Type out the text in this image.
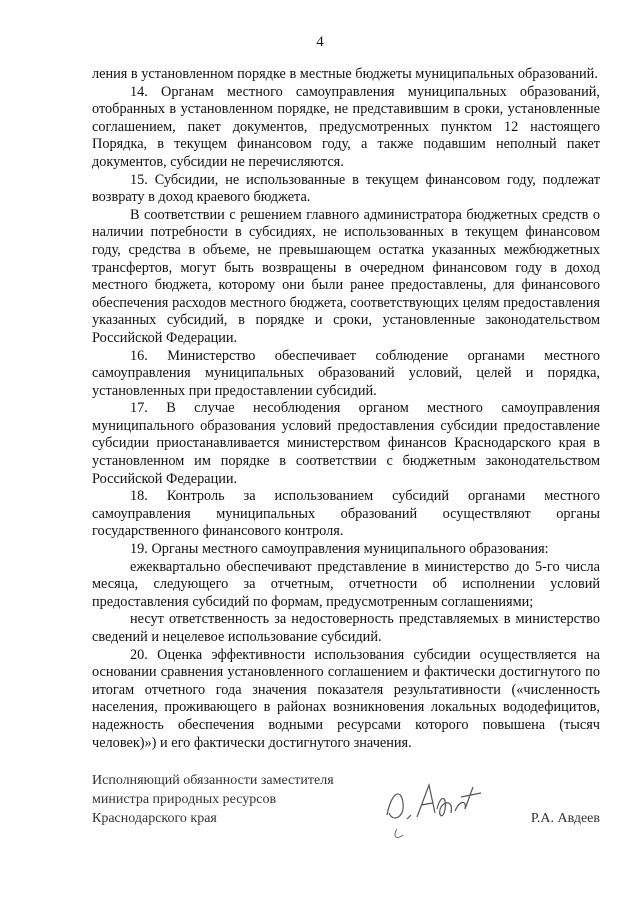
4

ления в установленном порядке в местные бюджеты муниципальных образований.

14. Органам местного самоуправления муниципальных образований, отобранных в установленном порядке, не представившим в сроки, установленные соглашением, пакет документов, предусмотренных пунктом 12 настоящего Порядка, в текущем финансовом году, а также подавшим неполный пакет документов, субсидии не перечисляются.

15. Субсидии, не использованные в текущем финансовом году, подлежат возврату в доход краевого бюджета.

В соответствии с решением главного администратора бюджетных средств о наличии потребности в субсидиях, не использованных в текущем финансовом году, средства в объеме, не превышающем остатка указанных межбюджетных трансфертов, могут быть возвращены в очередном финансовом году в доход местного бюджета, которому они были ранее предоставлены, для финансового обеспечения расходов местного бюджета, соответствующих целям предоставления указанных субсидий, в порядке и сроки, установленные законодательством Российской Федерации.

16. Министерство обеспечивает соблюдение органами местного самоуправления муниципальных образований условий, целей и порядка, установленных при предоставлении субсидий.

17. В случае несоблюдения органом местного самоуправления муниципального образования условий предоставления субсидии предоставление субсидии приостанавливается министерством финансов Краснодарского края в установленном им порядке в соответствии с бюджетным законодательством Российской Федерации.

18. Контроль за использованием субсидий органами местного самоуправления муниципальных образований осуществляют органы государственного финансового контроля.

19. Органы местного самоуправления муниципального образования:

ежеквартально обеспечивают представление в министерство до 5-го числа месяца, следующего за отчетным, отчетности об исполнении условий предоставления субсидий по формам, предусмотренным соглашениями;

несут ответственность за недостоверность представляемых в министерство сведений и нецелевое использование субсидий.

20. Оценка эффективности использования субсидии осуществляется на основании сравнения установленного соглашением и фактически достигнутого по итогам отчетного года значения показателя результативности («численность населения, проживающего в районах возникновения локальных вододефицитов, надежность обеспечения водными ресурсами которого повышена (тысяч человек)») и его фактически достигнутого значения.

Исполняющий обязанности заместителя
министра природных ресурсов
Краснодарского края	Р.А. Авдеев
